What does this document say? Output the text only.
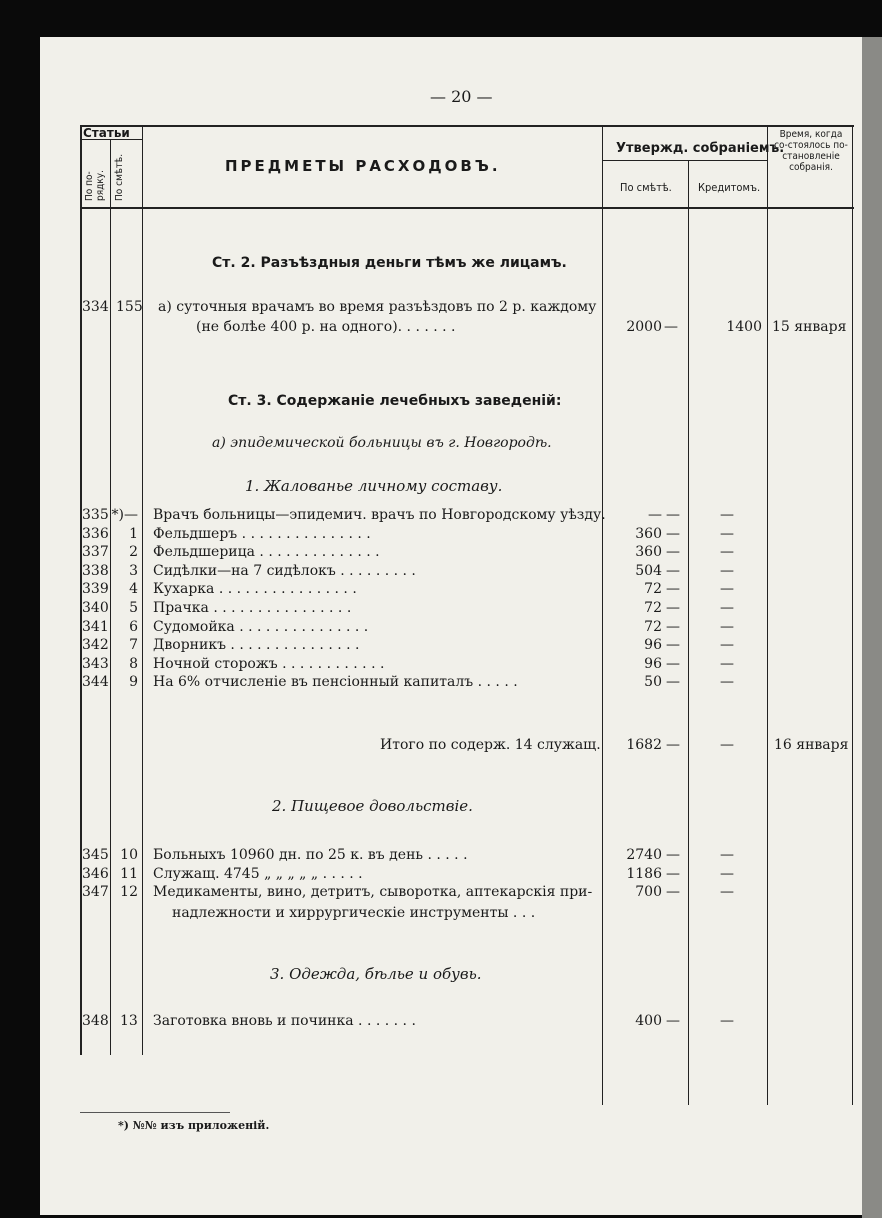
— 20 —
Статьи
По по-рядку. По смѣтѣ.	ПРЕДМЕТЫ РАСХОДОВЪ.
Утвержд. собраніемъ.
По смѣтѣ. Кредитомъ.
Время, когда со-стоялось по-становленіе собранія.
Ст. 2. Разъѣздныя деньги тѣмъ же лицамъ.
334 155 а) суточныя врачамъ во время разъѣздовъ по 2 р. каждому
(не болѣе 400 р. на одного). . . . . . .	2000 —	1400 15 января
Ст. 3. Содержаніе лечебныхъ заведеній:
а) эпидемической больницы въ г. Новгородѣ.
1. Жалованье личному составу.
335 *)— Врачъ больницы—эпидемич. врачъ по Новгородскому уѣзду.	— —	—
336	1 Фельдшеръ . . . . . . . . . . . . . . .	360 —	—
337	2 Фельдшерица . . . . . . . . . . . . . .	360 —	—
338	3 Сидѣлки—на 7 сидѣлокъ . . . . . . . . .	504 —	—
339	4 Кухарка . . . . . . . . . . . . . . . .	72 —	—
340	5 Прачка . . . . . . . . . . . . . . . .	72 —	—
341	6 Судомойка . . . . . . . . . . . . . . .	72 —	—
342	7 Дворникъ . . . . . . . . . . . . . . .	96 —	—
343	8 Ночной сторожъ . . . . . . . . . . . .	96 —	—
344	9 На 6% отчисленіе въ пенсіонный капиталъ . . . . .	50 —	—
Итого по содерж. 14 служащ.	1682 —	—	16 января
2. Пищевое довольствіе.
345 10 Больныхъ 10960 дн. по 25 к. въ день . . . . .	2740 —	—
346 11 Служащ. 4745 „ „ „ „ „ . . . . .	1186 —	—
347 12 Медикаменты, вино, детритъ, сыворотка, аптекарскія при-	700 —	—
надлежности и хиррургическіе инструменты . . .
3. Одежда, бѣлье и обувь.
348 13 Заготовка вновь и починка . . . . . . .	400 —	—
*) №№ изъ приложеній.
